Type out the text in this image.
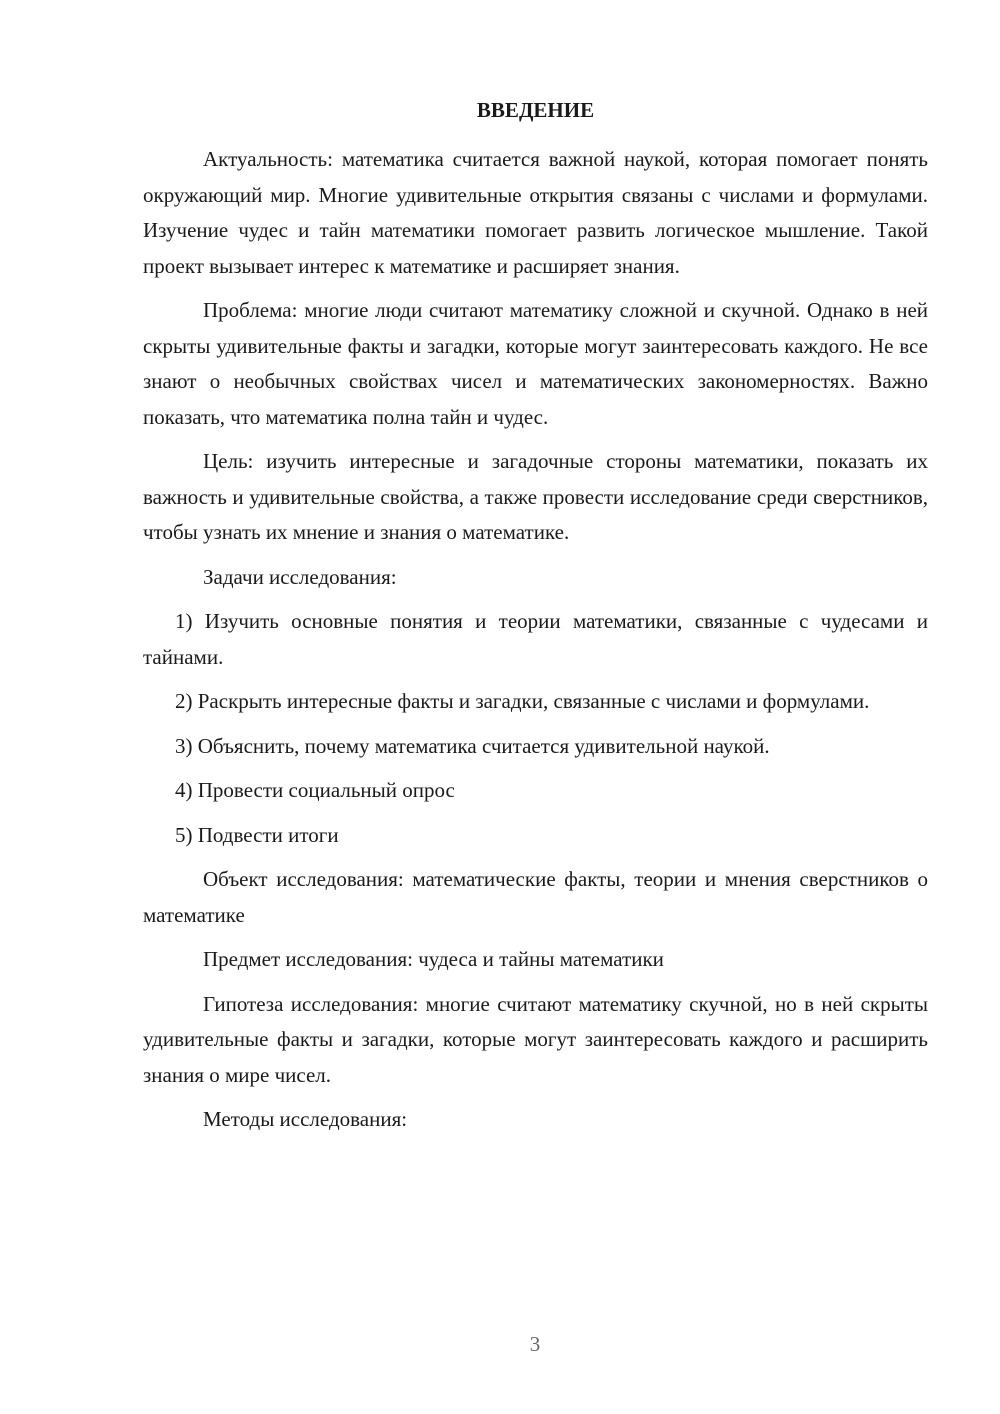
ВВЕДЕНИЕ

Актуальность: математика считается важной наукой, которая помогает понять окружающий мир. Многие удивительные открытия связаны с числами и формулами. Изучение чудес и тайн математики помогает развить логическое мышление. Такой проект вызывает интерес к математике и расширяет знания.

Проблема: многие люди считают математику сложной и скучной. Однако в ней скрыты удивительные факты и загадки, которые могут заинтересовать каждого. Не все знают о необычных свойствах чисел и математических закономерностях. Важно показать, что математика полна тайн и чудес.

Цель: изучить интересные и загадочные стороны математики, показать их важность и удивительные свойства, а также провести исследование среди сверстников, чтобы узнать их мнение и знания о математике.

Задачи исследования:

1) Изучить основные понятия и теории математики, связанные с чудесами и тайнами.

2) Раскрыть интересные факты и загадки, связанные с числами и формулами.

3) Объяснить, почему математика считается удивительной наукой.

4) Провести социальный опрос

5) Подвести итоги

Объект исследования: математические факты, теории и мнения сверстников о математике

Предмет исследования: чудеса и тайны математики

Гипотеза исследования: многие считают математику скучной, но в ней скрыты удивительные факты и загадки, которые могут заинтересовать каждого и расширить знания о мире чисел.

Методы исследования:

3
